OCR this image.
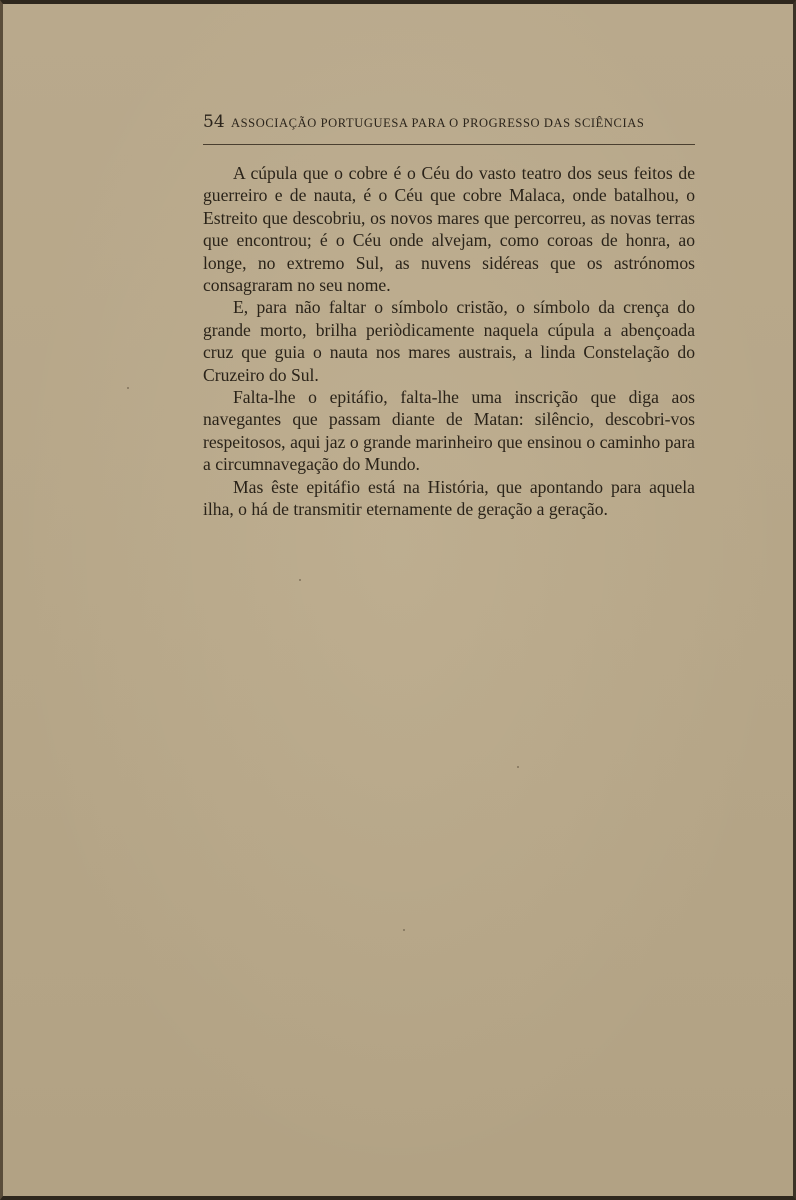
54 ASSOCIAÇÃO PORTUGUESA PARA O PROGRESSO DAS SCIÊNCIAS

A cúpula que o cobre é o Céu do vasto teatro dos seus feitos de guerreiro e de nauta, é o Céu que cobre Malaca, onde batalhou, o Estreito que descobriu, os novos mares que percorreu, as novas terras que encontrou; é o Céu onde alvejam, como coroas de honra, ao longe, no extremo Sul, as nuvens sidéreas que os astrónomos consagraram no seu nome.

E, para não faltar o símbolo cristão, o símbolo da crença do grande morto, brilha periòdicamente naquela cúpula a abençoada cruz que guia o nauta nos mares austrais, a linda Constelação do Cruzeiro do Sul.

Falta-lhe o epitáfio, falta-lhe uma inscrição que diga aos navegantes que passam diante de Matan: silêncio, descobri-vos respeitosos, aqui jaz o grande marinheiro que ensinou o caminho para a circumnavegação do Mundo.

Mas êste epitáfio está na História, que apontando para aquela ilha, o há de transmitir eternamente de geração a geração.
